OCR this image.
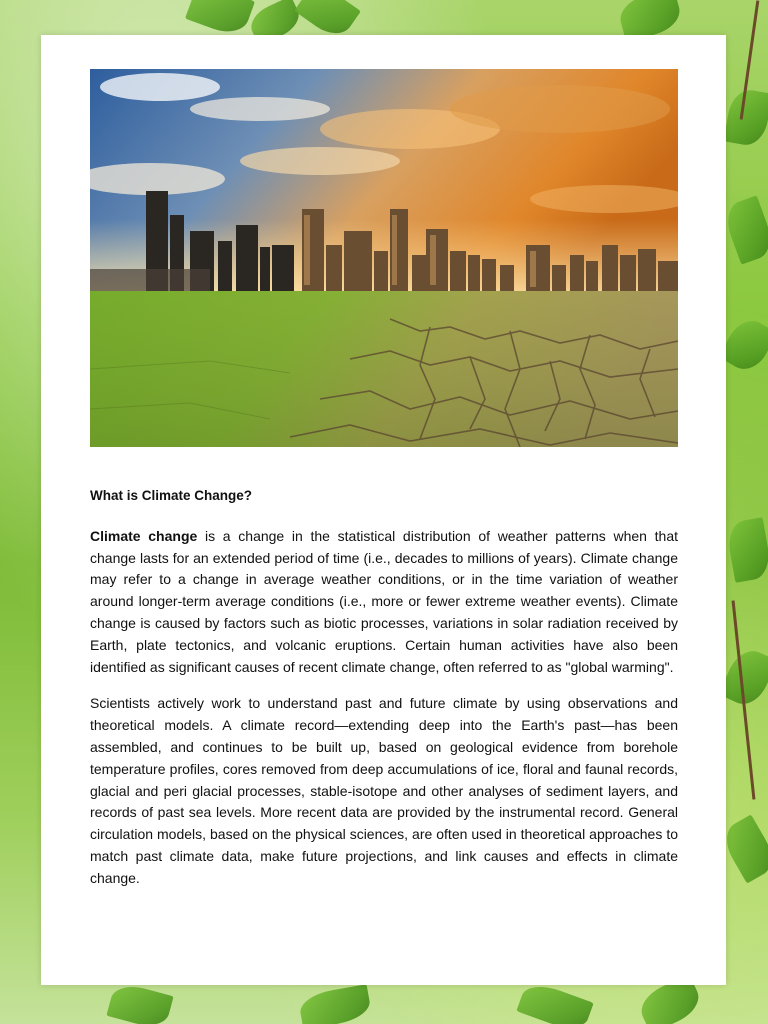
What is Climate Change?

Climate change is a change in the statistical distribution of weather patterns when that change lasts for an extended period of time (i.e., decades to millions of years). Climate change may refer to a change in average weather conditions, or in the time variation of weather around longer-term average conditions (i.e., more or fewer extreme weather events). Climate change is caused by factors such as biotic processes, variations in solar radiation received by Earth, plate tectonics, and volcanic eruptions. Certain human activities have also been identified as significant causes of recent climate change, often referred to as "global warming".

Scientists actively work to understand past and future climate by using observations and theoretical models. A climate record—extending deep into the Earth's past—has been assembled, and continues to be built up, based on geological evidence from borehole temperature profiles, cores removed from deep accumulations of ice, floral and faunal records, glacial and peri glacial processes, stable-isotope and other analyses of sediment layers, and records of past sea levels. More recent data are provided by the instrumental record. General circulation models, based on the physical sciences, are often used in theoretical approaches to match past climate data, make future projections, and link causes and effects in climate change.
